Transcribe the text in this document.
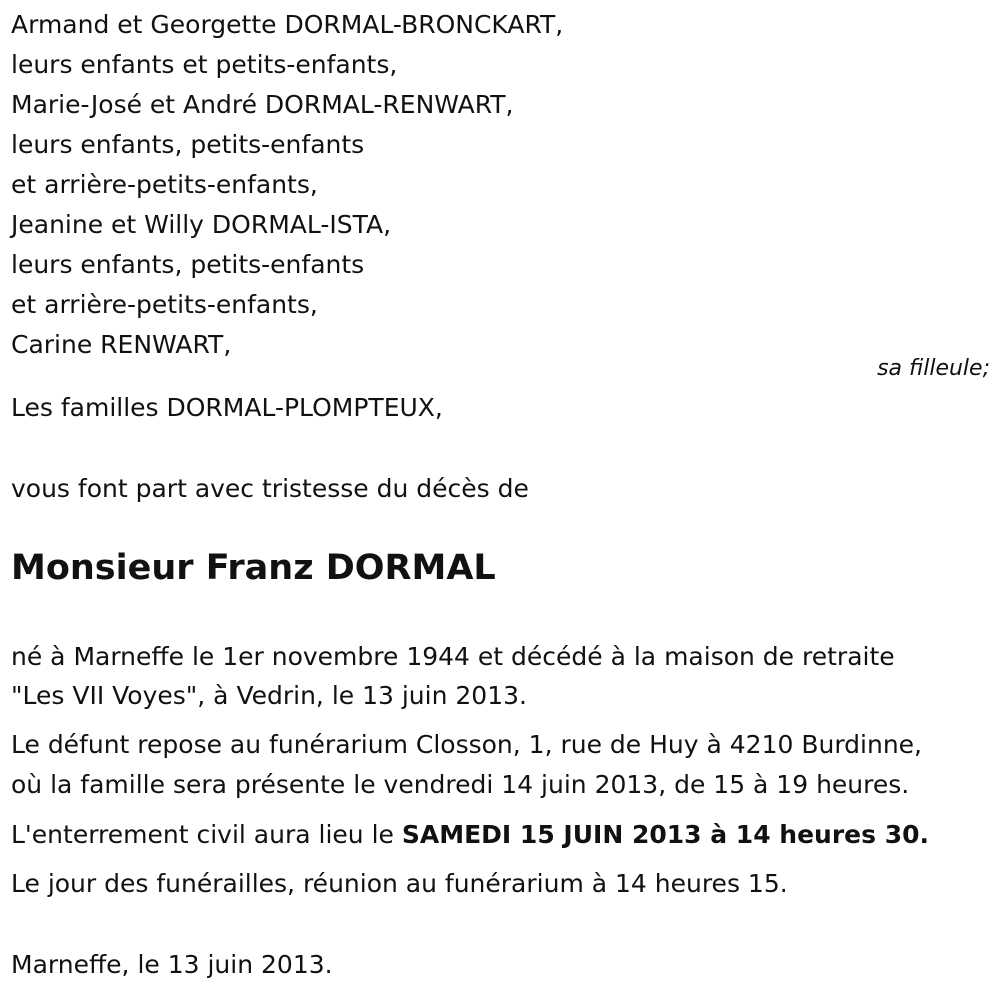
Armand et Georgette DORMAL-BRONCKART,
leurs enfants et petits-enfants,
Marie-José et André DORMAL-RENWART,
leurs enfants, petits-enfants
et arrière-petits-enfants,
Jeanine et Willy DORMAL-ISTA,
leurs enfants, petits-enfants
et arrière-petits-enfants,
Carine RENWART,
sa filleule;
Les familles DORMAL-PLOMPTEUX,
vous font part avec tristesse du décès de
Monsieur Franz DORMAL
né à Marneffe le 1er novembre 1944 et décédé à la maison de retraite
"Les VII Voyes", à Vedrin, le 13 juin 2013.
Le défunt repose au funérarium Closson, 1, rue de Huy à 4210 Burdinne,
où la famille sera présente le vendredi 14 juin 2013, de 15 à 19 heures.
L'enterrement civil aura lieu le SAMEDI 15 JUIN 2013 à 14 heures 30.
Le jour des funérailles, réunion au funérarium à 14 heures 15.
Marneffe, le 13 juin 2013.
